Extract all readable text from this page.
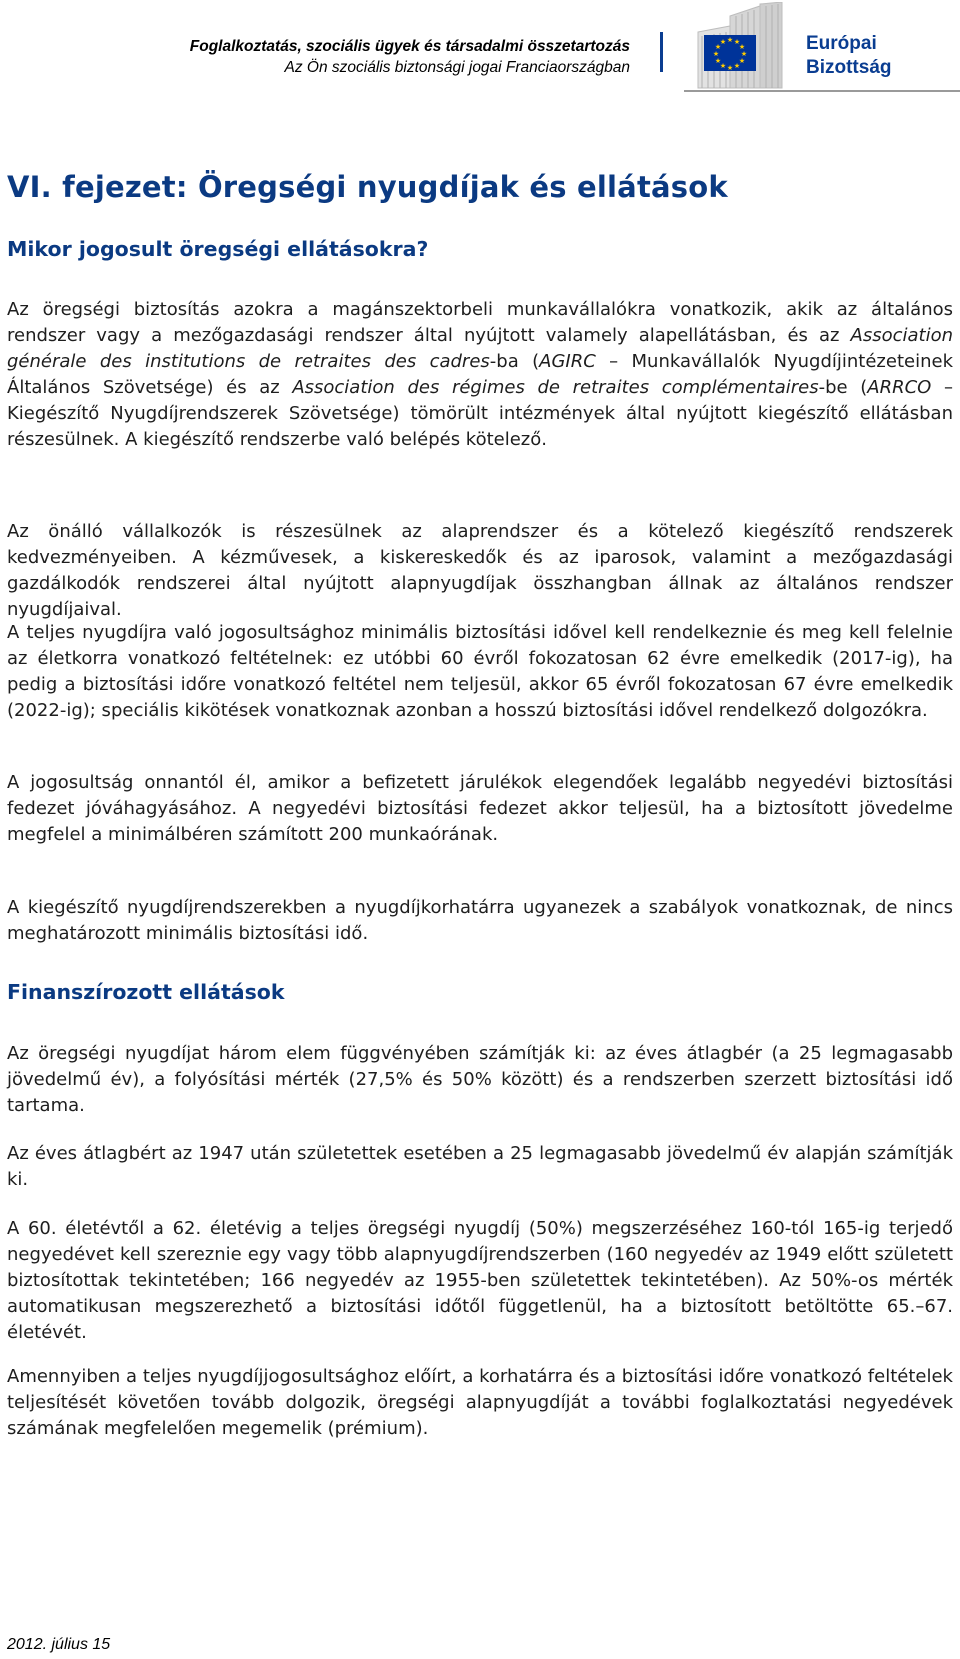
Foglalkoztatás, szociális ügyek és társadalmi összetartozás
Az Ön szociális biztonsági jogai Franciaországban
★ ★
★
★
★
★
★
★
★
★
★
★	Európai
Bizottság
VI. fejezet: Öregségi nyugdíjak és ellátások
Mikor jogosult öregségi ellátásokra?

Az öregségi biztosítás azokra a magánszektorbeli munkavállalókra vonatkozik, akik az általános rendszer vagy a mezőgazdasági rendszer által nyújtott valamely alapellátásban, és az Association générale des institutions de retraites des cadres-ba (AGIRC – Munkavállalók Nyugdíjintézeteinek Általános Szövetsége) és az Association des régimes de retraites complémentaires-be (ARRCO – Kiegészítő Nyugdíjrendszerek Szövetsége) tömörült intézmények által nyújtott kiegészítő ellátásban részesülnek. A kiegészítő rendszerbe való belépés kötelező.

Az önálló vállalkozók is részesülnek az alaprendszer és a kötelező kiegészítő rendszerek kedvezményeiben. A kézművesek, a kiskereskedők és az iparosok, valamint a mezőgazdasági gazdálkodók rendszerei által nyújtott alapnyugdíjak összhangban állnak az általános rendszer nyugdíjaival.

A teljes nyugdíjra való jogosultsághoz minimális biztosítási idővel kell rendelkeznie és meg kell felelnie az életkorra vonatkozó feltételnek: ez utóbbi 60 évről fokozatosan 62 évre emelkedik (2017-ig), ha pedig a biztosítási időre vonatkozó feltétel nem teljesül, akkor 65 évről fokozatosan 67 évre emelkedik (2022-ig); speciális kikötések vonatkoznak azonban a hosszú biztosítási idővel rendelkező dolgozókra.

A jogosultság onnantól él, amikor a befizetett járulékok elegendőek legalább negyedévi biztosítási fedezet jóváhagyásához. A negyedévi biztosítási fedezet akkor teljesül, ha a biztosított jövedelme megfelel a minimálbéren számított 200 munkaórának.

A kiegészítő nyugdíjrendszerekben a nyugdíjkorhatárra ugyanezek a szabályok vonatkoznak, de nincs meghatározott minimális biztosítási idő.

Finanszírozott ellátások

Az öregségi nyugdíjat három elem függvényében számítják ki: az éves átlagbér (a 25 legmagasabb jövedelmű év), a folyósítási mérték (27,5% és 50% között) és a rendszerben szerzett biztosítási idő tartama.

Az éves átlagbért az 1947 után születettek esetében a 25 legmagasabb jövedelmű év alapján számítják ki.

A 60. életévtől a 62. életévig a teljes öregségi nyugdíj (50%) megszerzéséhez 160-tól 165-ig terjedő negyedévet kell szereznie egy vagy több alapnyugdíjrendszerben (160 negyedév az 1949 előtt született biztosítottak tekintetében; 166 negyedév az 1955-ben születettek tekintetében). Az 50%-os mérték automatikusan megszerezhető a biztosítási időtől függetlenül, ha a biztosított betöltötte 65.–67. életévét.

Amennyiben a teljes nyugdíjjogosultsághoz előírt, a korhatárra és a biztosítási időre vonatkozó feltételek teljesítését követően tovább dolgozik, öregségi alapnyugdíját a további foglalkoztatási negyedévek számának megfelelően megemelik (prémium).

2012. július 15
